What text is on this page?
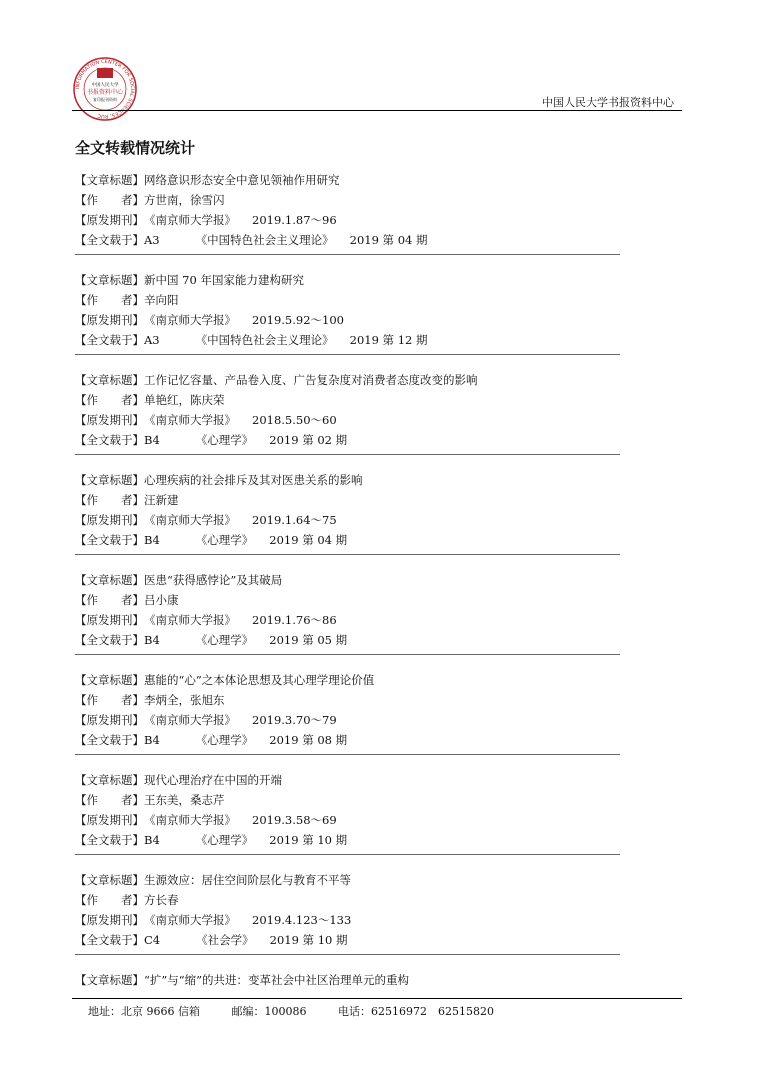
INFORMATION CENTER FOR SOCIAL SCIENCES, RUC
中国人民大学
书报资料中心
复印报刊资料	中国人民大学书报资料中心
全文转载情况统计
【文章标题】网络意识形态安全中意见领袖作用研究
【作　　者】方世南，徐雪闪
【原发期刊】《南京师大学报》 2019.1.87～96
【全文载于】A3	《中国特色社会主义理论》 2019 第 04 期
【文章标题】新中国 70 年国家能力建构研究
【作　　者】辛向阳
【原发期刊】《南京师大学报》 2019.5.92～100
【全文载于】A3	《中国特色社会主义理论》 2019 第 12 期
【文章标题】工作记忆容量、产品卷入度、广告复杂度对消费者态度改变的影响
【作　　者】单艳红，陈庆荣
【原发期刊】《南京师大学报》 2018.5.50～60
【全文载于】B4	《心理学》 2019 第 02 期
【文章标题】心理疾病的社会排斥及其对医患关系的影响
【作　　者】汪新建
【原发期刊】《南京师大学报》 2019.1.64～75
【全文载于】B4	《心理学》 2019 第 04 期
【文章标题】医患“获得感悖论”及其破局
【作　　者】吕小康
【原发期刊】《南京师大学报》 2019.1.76～86
【全文载于】B4	《心理学》 2019 第 05 期
【文章标题】惠能的“心”之本体论思想及其心理学理论价值
【作　　者】李炳全，张旭东
【原发期刊】《南京师大学报》 2019.3.70～79
【全文载于】B4	《心理学》 2019 第 08 期
【文章标题】现代心理治疗在中国的开端
【作　　者】王东美，桑志芹
【原发期刊】《南京师大学报》 2019.3.58～69
【全文载于】B4	《心理学》 2019 第 10 期
【文章标题】生源效应：居住空间阶层化与教育不平等
【作　　者】方长春
【原发期刊】《南京师大学报》 2019.4.123～133
【全文载于】C4	《社会学》 2019 第 10 期
【文章标题】“扩”与“缩”的共进：变革社会中社区治理单元的重构
地址：北京 9666 信箱	邮编：100086	电话：62516972　62515820
